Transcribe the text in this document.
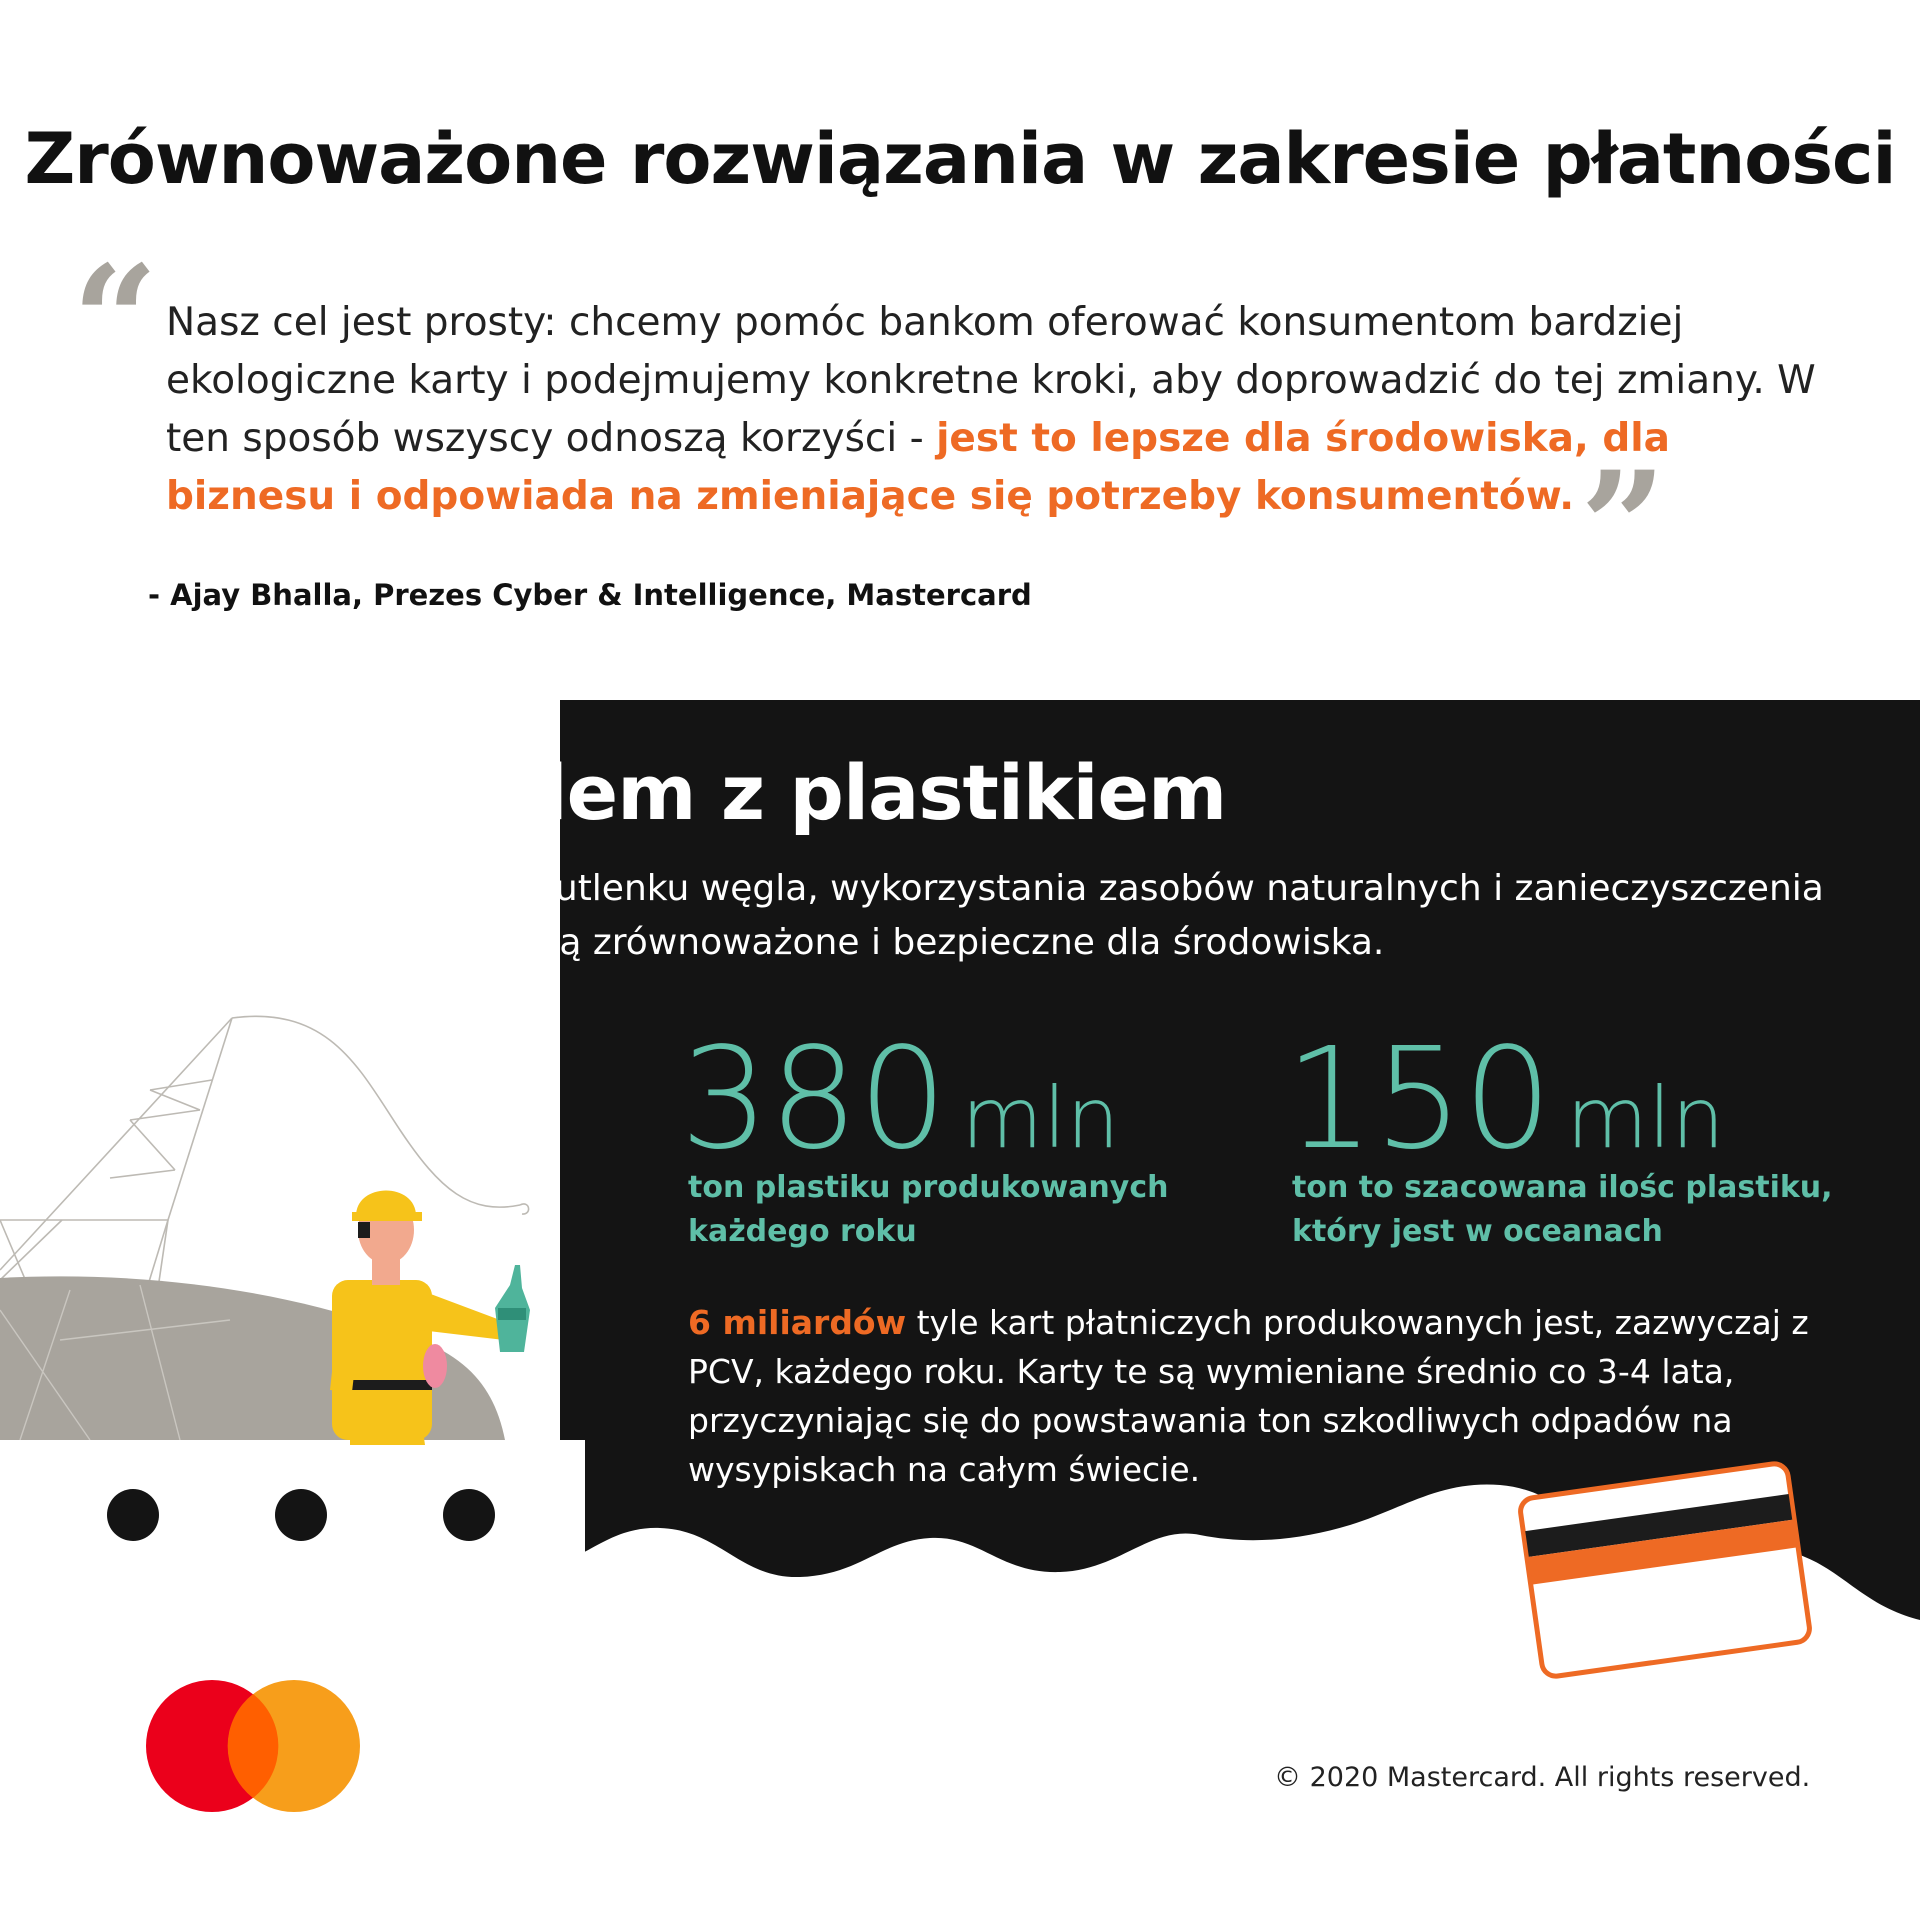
Zrównoważone rozwiązania w zakresie płatności
“ Nasz cel jest prosty: chcemy pomóc bankom oferować konsumentom bardziej ekologiczne karty i podejmujemy konkretne kroki, aby doprowadzić do tej zmiany. W ten sposób wszyscy odnoszą korzyści - jest to lepsze dla środowiska, dla biznesu i odpowiada na zmieniające się potrzeby konsumentów. ”
- Ajay Bhalla, Prezes Cyber & Intelligence, Mastercard
Mamy problem z plastikiem
Obecne poziomy emisji dwutlenku węgla, wykorzystania zasobów naturalnych i zanieczyszczenia przekraczają limity, które są zrównoważone i bezpieczne dla środowiska.
380 mln
ton plastiku produkowanych każdego roku
150 mln
ton to szacowana ilośc plastiku, który jest w oceanach
6 miliardów tyle kart płatniczych produkowanych jest, zazwyczaj z PCV, każdego roku. Karty te są wymieniane średnio co 3-4 lata, przyczyniając się do powstawania ton szkodliwych odpadów na wysypiskach na całym świecie.
© 2020 Mastercard. All rights reserved.
